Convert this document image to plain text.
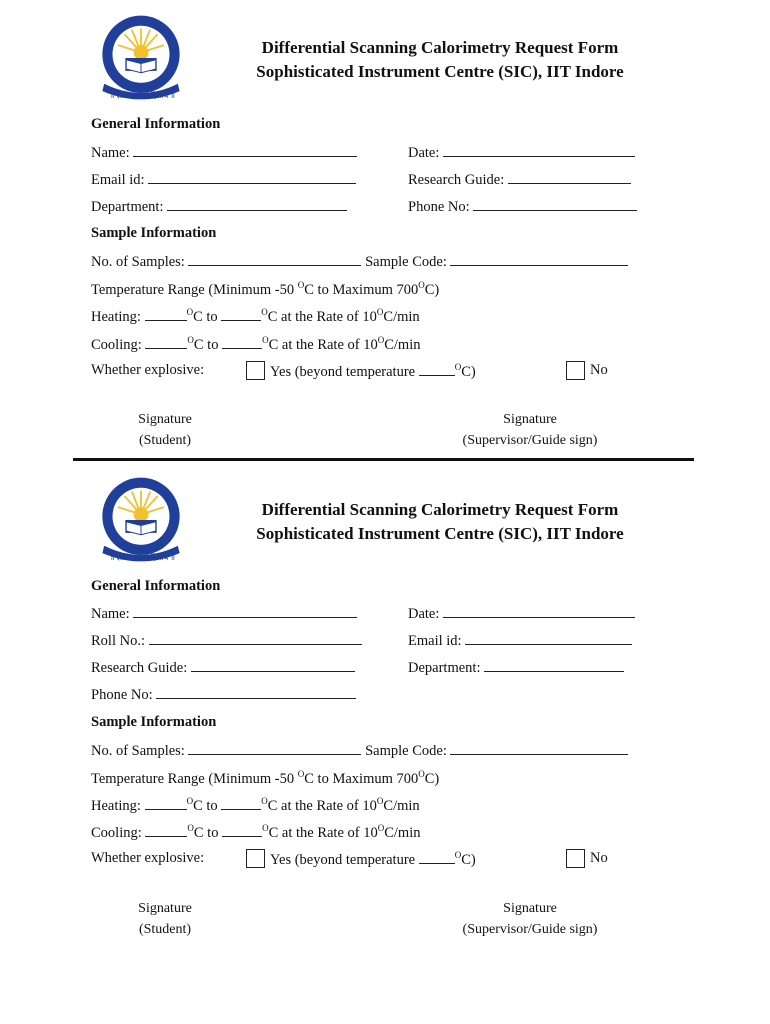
॥ ज्ञानं सर्वजनहिताय ॥
Differential Scanning Calorimetry Request Form
Sophisticated Instrument Centre (SIC), IIT Indore
General Information
Name:	Date:
Email id:	Research Guide:
Department:	Phone No:
Sample Information
No. of Samples:	Sample Code:
Temperature Range (Minimum -50 $^O$C to Maximum $700^OC$)
Heating:	$^O$C to	$^O$C at the Rate of $10^OC/\min$
Cooling:	$^O$C to	$^O$C at the Rate of $10^OC/\min$
Whether explosive:	Yes (beyond temperature	$^O$C)	No
Signature
(Student)
Signature
(Supervisor/Guide sign)
॥ ज्ञानं सर्वजनहिताय ॥
Differential Scanning Calorimetry Request Form
Sophisticated Instrument Centre (SIC), IIT Indore
General Information
Name:	Date:
Roll No.:	Email id:
Research Guide:	Department:
Phone No:
Sample Information
No. of Samples:	Sample Code:
Temperature Range (Minimum -50 $^O$C to Maximum $700^OC$)
Heating:	$^O$C to	$^O$C at the Rate of $10^OC/\min$
Cooling:	$^O$C to	$^O$C at the Rate of $10^OC/\min$
Whether explosive:	Yes (beyond temperature	$^O$C)	No
Signature
(Student)
Signature
(Supervisor/Guide sign)
